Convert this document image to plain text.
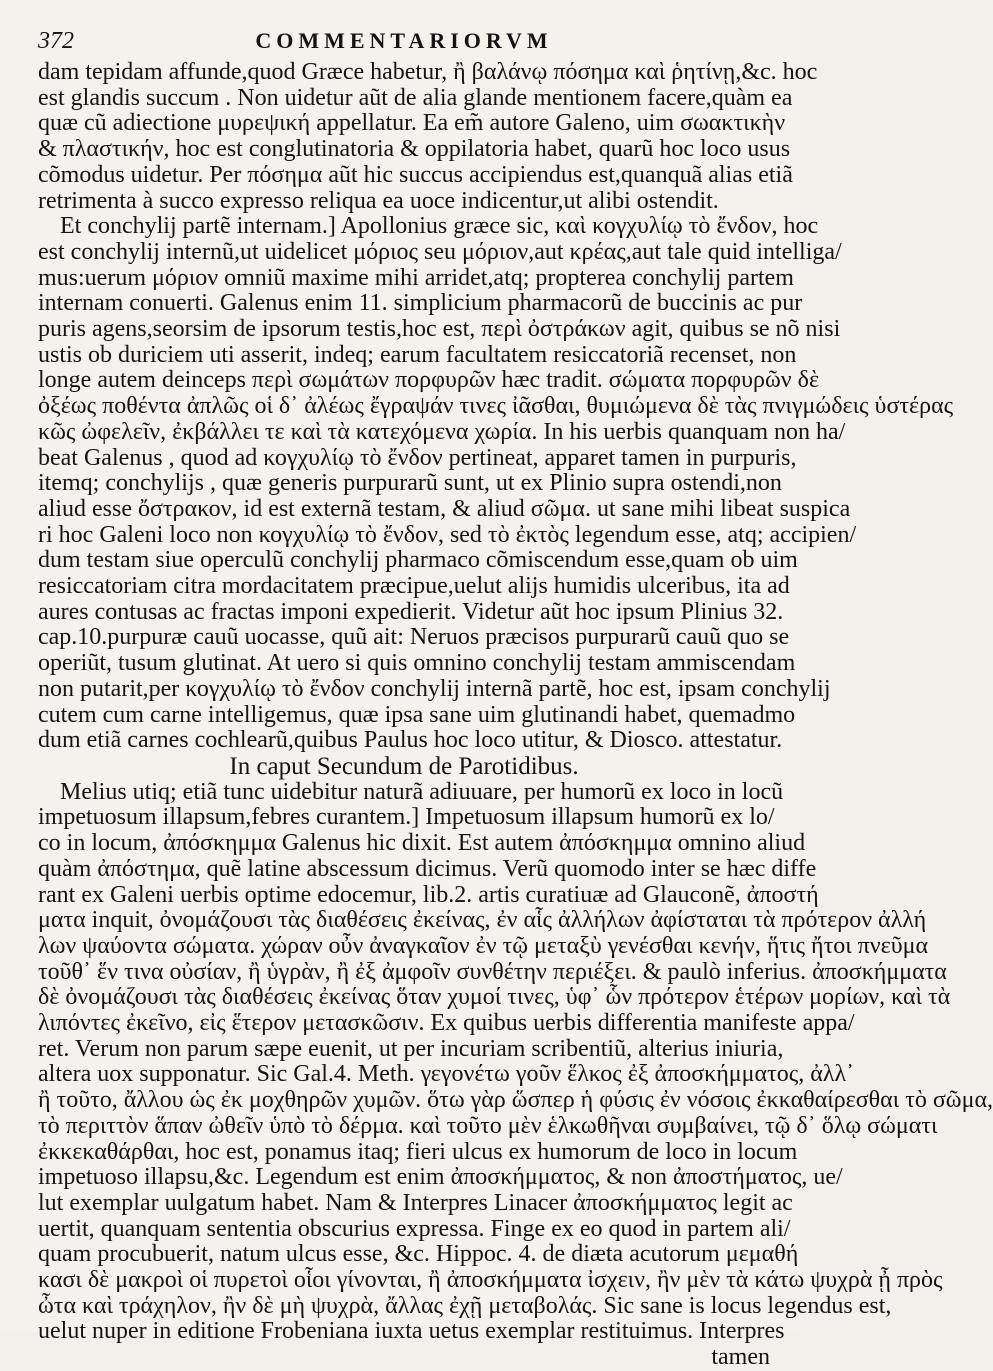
372	COMMENTARIORVM
dam tepidam affunde,quod Græce habetur, ἢ βαλάνῳ πόσημα καὶ ῥητίνῃ,&c. hoc
est glandis succum . Non uidetur aũt de alia glande mentionem facere,quàm ea
quæ cũ adiectione μυρεψική appellatur. Ea em̃ autore Galeno, uim σωακτικὴν
& πλαστικήν, hoc est conglutinatoria & oppilatoria habet, quarũ hoc loco usus
cõmodus uidetur. Per πόσημα aũt hic succus accipiendus est,quanquã alias etiã
retrimenta à succo expresso reliqua ea uoce indicentur,ut alibi ostendit.
Et conchylij partẽ internam.] Apollonius græce sic, καὶ κογχυλίῳ τὸ ἔνδον, hoc
est conchylij internũ,ut uidelicet μόριος seu μόριον,aut κρέας,aut tale quid intelliga/
mus:uerum μόριον omniũ maxime mihi arridet,atq; propterea conchylij partem
internam conuerti. Galenus enim 11. simplicium pharmacorũ de buccinis ac pur
puris agens,seorsim de ipsorum testis,hoc est, περὶ ὀστράκων agit, quibus se nõ nisi
ustis ob duriciem uti asserit, indeq; earum facultatem resiccatoriã recenset, non
longe autem deinceps περὶ σωμάτων πορφυρῶν hæc tradit. σώματα πορφυρῶν δὲ
ὀξέως ποθέντα ἀπλῶς οἱ δ᾽ ἀλέως ἔγραψάν τινες ἰᾶσθαι, θυμιώμενα δὲ τὰς πνιγμώδεις ὑστέρας
κῶς ὠφελεῖν, ἐκβάλλει τε καὶ τὰ κατεχόμενα χωρία. In his uerbis quanquam non ha/
beat Galenus , quod ad κογχυλίῳ τὸ ἔνδον pertineat, apparet tamen in purpuris,
itemq; conchylijs , quæ generis purpurarũ sunt, ut ex Plinio supra ostendi,non
aliud esse ὄστρακον, id est externã testam, & aliud σῶμα. ut sane mihi libeat suspica
ri hoc Galeni loco non κογχυλίῳ τὸ ἔνδον, sed τὸ ἐκτὸς legendum esse, atq; accipien/
dum testam siue operculũ conchylij pharmaco cõmiscendum esse,quam ob uim
resiccatoriam citra mordacitatem præcipue,uelut alijs humidis ulceribus, ita ad
aures contusas ac fractas imponi expedierit. Videtur aũt hoc ipsum Plinius 32.
cap.10.purpuræ cauũ uocasse, quũ ait: Neruos præcisos purpurarũ cauũ quo se
operiũt, tusum glutinat. At uero si quis omnino conchylij testam ammiscendam
non putarit,per κογχυλίῳ τὸ ἔνδον conchylij internã partẽ, hoc est, ipsam conchylij
cutem cum carne intelligemus, quæ ipsa sane uim glutinandi habet, quemadmo
dum etiã carnes cochlearũ,quibus Paulus hoc loco utitur, & Diosco. attestatur.
In caput Secundum de Parotidibus.
Melius utiq; etiã tunc uidebitur naturã adiuuare, per humorũ ex loco in locũ
impetuosum illapsum,febres curantem.] Impetuosum illapsum humorũ ex lo/
co in locum, ἀπόσκημμα Galenus hic dixit. Est autem ἀπόσκημμα omnino aliud
quàm ἀπόστημα, quẽ latine abscessum dicimus. Verũ quomodo inter se hæc diffe
rant ex Galeni uerbis optime edocemur, lib.2. artis curatiuæ ad Glauconẽ, ἀποστή
ματα inquit, ὀνομάζουσι τὰς διαθέσεις ἐκείνας, ἐν αἷς ἀλλήλων ἀφίσταται τὰ πρότερον ἀλλή
λων ψαύοντα σώματα. χώραν οὖν ἀναγκαῖον ἐν τῷ μεταξὺ γενέσθαι κενήν, ἥτις ἤτοι πνεῦμα
τοῦθ᾽ ἕν τινα οὐσίαν, ἢ ὑγρὰν, ἢ ἐξ ἀμφοῖν συνθέτην περιέξει. & paulò inferius. ἀποσκήμματα
δὲ ὀνομάζουσι τὰς διαθέσεις ἐκείνας ὅταν χυμοί τινες, ὑφ᾽ ὧν πρότερον ἑτέρων μορίων, καὶ τὰ
λιπόντες ἐκεῖνο, εἰς ἕτερον μετασκῶσιν. Ex quibus uerbis differentia manifeste appa/
ret. Verum non parum sæpe euenit, ut per incuriam scribentiũ, alterius iniuria,
altera uox supponatur. Sic Gal.4. Meth. γεγονέτω γοῦν ἕλκος ἐξ ἀποσκήμματος, ἀλλ᾽
ἢ τοῦτο, ἄλλου ὡς ἐκ μοχθηρῶν χυμῶν. ὅτω γὰρ ὥσπερ ἡ φύσις ἐν νόσοις ἐκκαθαίρεσθαι τὸ σῶμα,
τὸ περιττὸν ἅπαν ὠθεῖν ὑπὸ τὸ δέρμα. καὶ τοῦτο μὲν ἑλκωθῆναι συμβαίνει, τῷ δ᾽ ὅλῳ σώματι
ἐκκεκαθάρθαι, hoc est, ponamus itaq; fieri ulcus ex humorum de loco in locum
impetuoso illapsu,&c. Legendum est enim ἀποσκήμματος, & non ἀποστήματος, ue/
lut exemplar uulgatum habet. Nam & Interpres Linacer ἀποσκήμματος legit ac
uertit, quanquam sententia obscurius expressa. Finge ex eo quod in partem ali/
quam procubuerit, natum ulcus esse, &c. Hippoc. 4. de diæta acutorum μεμαθή
κασι δὲ μακροὶ οἱ πυρετοὶ οἷοι γίνονται, ἢ ἀποσκήμματα ἰσχειν, ἢν μὲν τὰ κάτω ψυχρὰ ᾖ πρὸς
ὦτα καὶ τράχηλον, ἢν δὲ μὴ ψυχρὰ, ἄλλας ἐχῇ μεταβολάς. Sic sane is locus legendus est,
uelut nuper in editione Frobeniana iuxta uetus exemplar restituimus. Interpres
tamen
